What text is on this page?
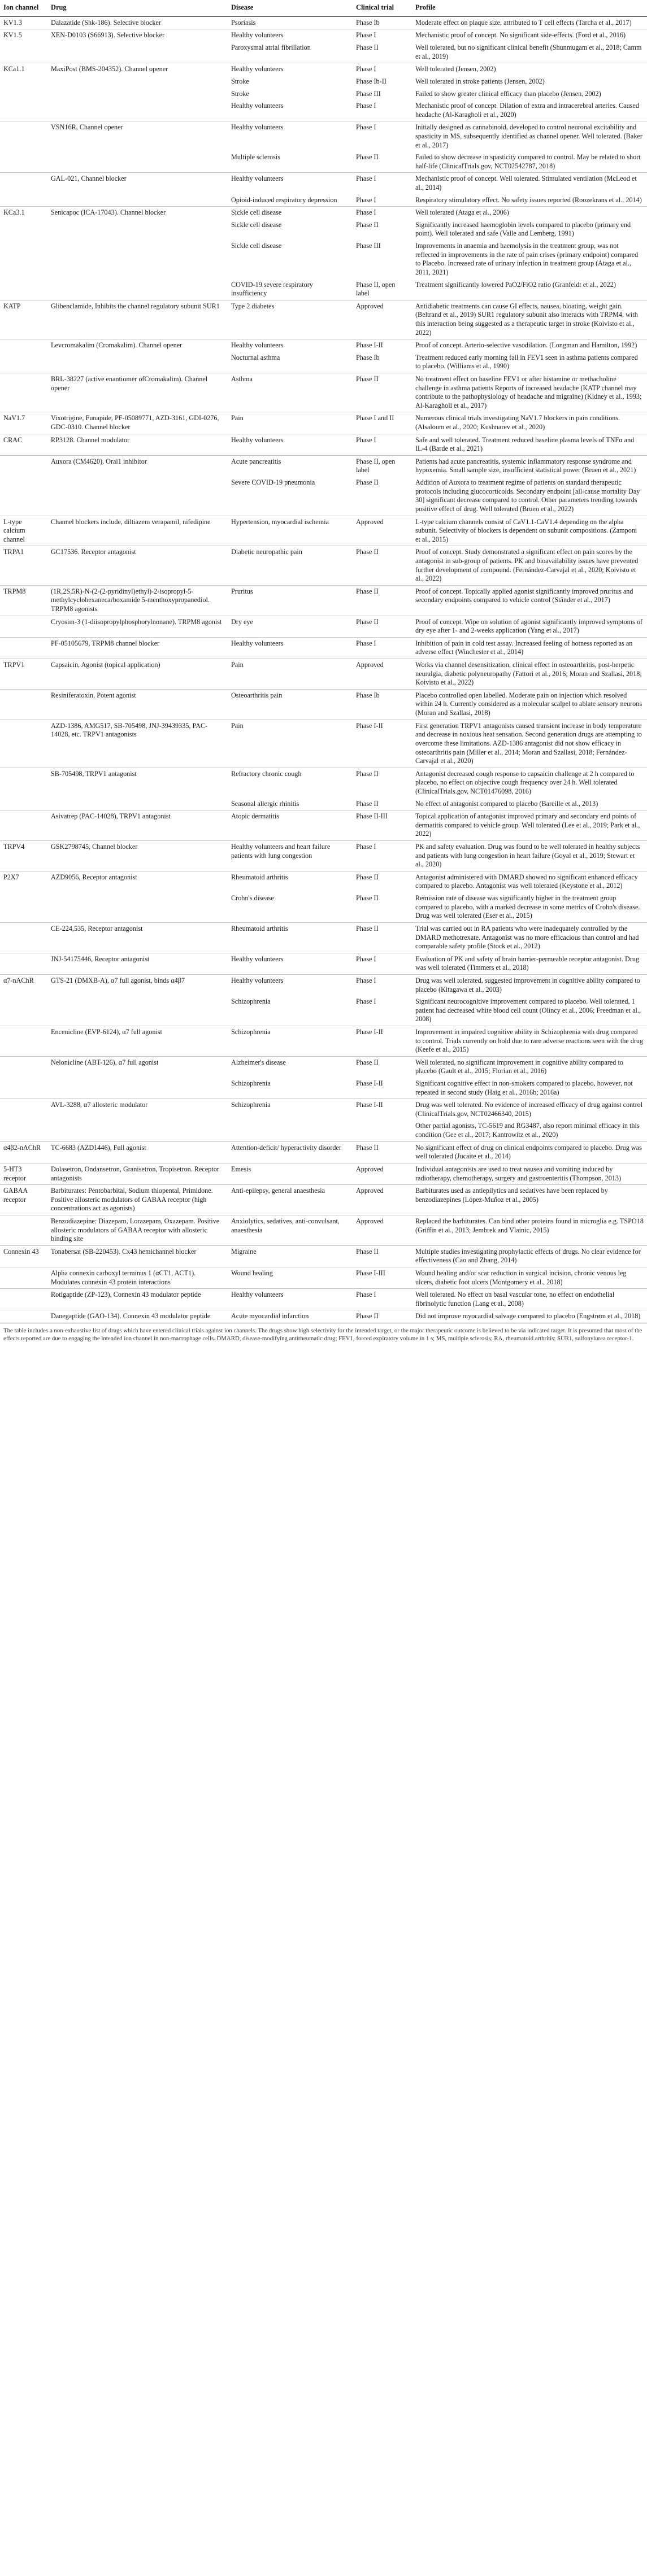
Ion channel	Drug	Disease	Clinical trial	Profile
KV1.3	Dalazatide (Shk-186). Selective blocker	Psoriasis	Phase Ib	Moderate effect on plaque size, attributed to T cell effects (Tarcha et al., 2017)
KV1.5	XEN-D0103 (S66913). Selective blocker	Healthy volunteers	Phase I	Mechanistic proof of concept. No significant side-effects. (Ford et al., 2016)
		Paroxysmal atrial fibrillation	Phase II	Well tolerated, but no significant clinical benefit (Shunmugam et al., 2018; Camm et al., 2019)
KCa1.1	MaxiPost (BMS-204352). Channel opener	Healthy volunteers	Phase I	Well tolerated (Jensen, 2002)
		Stroke	Phase Ib-II	Well tolerated in stroke patients (Jensen, 2002)
		Stroke	Phase III	Failed to show greater clinical efficacy than placebo (Jensen, 2002)
		Healthy volunteers	Phase I	Mechanistic proof of concept. Dilation of extra and intracerebral arteries. Caused headache (Al-Karagholi et al., 2020)
	VSN16R, Channel opener	Healthy volunteers	Phase I	Initially designed as cannabinoid, developed to control neuronal excitability and spasticity in MS, subsequently identified as channel opener. Well tolerated. (Baker et al., 2017)
		Multiple sclerosis	Phase II	Failed to show decrease in spasticity compared to control. May be related to short half-life (ClinicalTrials.gov, NCT02542787, 2018)
	GAL-021, Channel blocker	Healthy volunteers	Phase I	Mechanistic proof of concept. Well tolerated. Stimulated ventilation (McLeod et al., 2014)
		Opioid-induced respiratory depression	Phase I	Respiratory stimulatory effect. No safety issues reported (Roozekrans et al., 2014)
KCa3.1	Senicapoc (ICA-17043). Channel blocker	Sickle cell disease	Phase I	Well tolerated (Ataga et al., 2006)
		Sickle cell disease	Phase II	Significantly increased haemoglobin levels compared to placebo (primary end point). Well tolerated and safe (Valle and Lemberg, 1991)
		Sickle cell disease	Phase III	Improvements in anaemia and haemolysis in the treatment group, was not reflected in improvements in the rate of pain crises (primary endpoint) compared to Placebo. Increased rate of urinary infection in treatment group (Ataga et al., 2011, 2021)
		COVID-19 severe respiratory insufficiency	Phase II, open label	Treatment significantly lowered PaO2/FiO2 ratio (Granfeldt et al., 2022)
KATP	Glibenclamide, Inhibits the channel regulatory subunit SUR1	Type 2 diabetes	Approved	Antidiabetic treatments can cause GI effects, nausea, bloating, weight gain. (Beltrand et al., 2019) SUR1 regulatory subunit also interacts with TRPM4, with this interaction being suggested as a therapeutic target in stroke (Koivisto et al., 2022)
	Levcromakalim (Cromakalim). Channel opener	Healthy volunteers	Phase I-II	Proof of concept. Arterio-selective vasodilation. (Longman and Hamilton, 1992)
		Nocturnal asthma	Phase Ib	Treatment reduced early morning fall in FEV1 seen in asthma patients compared to placebo. (Williams et al., 1990)
	BRL-38227 (active enantiomer ofCromakalim). Channel opener	Asthma	Phase II	No treatment effect on baseline FEV1 or after histamine or methacholine challenge in asthma patients Reports of increased headache (KATP channel may contribute to the pathophysiology of headache and migraine) (Kidney et al., 1993; Al-Karagholi et al., 2017)
NaV1.7	Vixotrigine, Funapide, PF-05089771, AZD-3161, GDI-0276, GDC-0310. Channel blocker	Pain	Phase I and II	Numerous clinical trials investigating NaV1.7 blockers in pain conditions. (Alsaloum et al., 2020; Kushnarev et al., 2020)
CRAC	RP3128. Channel modulator	Healthy volunteers	Phase I	Safe and well tolerated. Treatment reduced baseline plasma levels of TNFα and IL-4 (Barde et al., 2021)
	Auxora (CM4620), Orai1 inhibitor	Acute pancreatitis	Phase II, open label	Patients had acute pancreatitis, systemic inflammatory response syndrome and hypoxemia. Small sample size, insufficient statistical power (Bruen et al., 2021)
		Severe COVID-19 pneumonia	Phase II	Addition of Auxora to treatment regime of patients on standard therapeutic protocols including glucocorticoids. Secondary endpoint [all-cause mortality Day 30] significant decrease compared to control. Other parameters trending towards positive effect of drug. Well tolerated (Bruen et al., 2022)
L-type calcium channel	Channel blockers include, diltiazem verapamil, nifedipine	Hypertension, myocardial ischemia	Approved	L-type calcium channels consist of CaV1.1-CaV1.4 depending on the alpha subunit. Selectivity of blockers is dependent on subunit compositions. (Zamponi et al., 2015)
TRPA1	GC17536. Receptor antagonist	Diabetic neuropathic pain	Phase II	Proof of concept. Study demonstrated a significant effect on pain scores by the antagonist in sub-group of patients. PK and bioavailability issues have prevented further development of compound. (Fernández-Carvajal et al., 2020; Koivisto et al., 2022)
TRPM8	(1R,2S,5R)-N-(2-(2-pyridinyl)ethyl)-2-isopropyl-5-methylcyclohexanecarboxamide 5-menthoxypropanediol. TRPM8 agonists	Pruritus	Phase II	Proof of concept. Topically applied agonist significantly improved pruritus and secondary endpoints compared to vehicle control (Ständer et al., 2017)
	Cryosim-3 (1-diisopropylphosphorylnonane). TRPM8 agonist	Dry eye	Phase II	Proof of concept. Wipe on solution of agonist significantly improved symptoms of dry eye after 1- and 2-weeks application (Yang et al., 2017)
	PF-05105679, TRPM8 channel blocker	Healthy volunteers	Phase I	Inhibition of pain in cold test assay. Increased feeling of hotness reported as an adverse effect (Winchester et al., 2014)
TRPV1	Capsaicin, Agonist (topical application)	Pain	Approved	Works via channel desensitization, clinical effect in osteoarthritis, post-herpetic neuralgia, diabetic polyneuropathy (Fattori et al., 2016; Moran and Szallasi, 2018; Koivisto et al., 2022)
	Resiniferatoxin, Potent agonist	Osteoarthritis pain	Phase Ib	Placebo controlled open labelled. Moderate pain on injection which resolved within 24 h. Currently considered as a molecular scalpel to ablate sensory neurons (Moran and Szallasi, 2018)
	AZD-1386, AMG517, SB-705498, JNJ-39439335, PAC-14028, etc. TRPV1 antagonists	Pain	Phase I-II	First generation TRPV1 antagonists caused transient increase in body temperature and decrease in noxious heat sensation. Second generation drugs are attempting to overcome these limitations. AZD-1386 antagonist did not show efficacy in osteoarthritis pain (Miller et al., 2014; Moran and Szallasi, 2018; Fernández-Carvajal et al., 2020)
	SB-705498, TRPV1 antagonist	Refractory chronic cough	Phase II	Antagonist decreased cough response to capsaicin challenge at 2 h compared to placebo, no effect on objective cough frequency over 24 h. Well tolerated (ClinicalTrials.gov, NCT01476098, 2016)
		Seasonal allergic rhinitis	Phase II	No effect of antagonist compared to placebo (Bareille et al., 2013)
	Asivatrep (PAC-14028), TRPV1 antagonist	Atopic dermatitis	Phase II-III	Topical application of antagonist improved primary and secondary end points of dermatitis compared to vehicle group. Well tolerated (Lee et al., 2019; Park et al., 2022)
TRPV4	GSK2798745, Channel blocker	Healthy volunteers and heart failure patients with lung congestion	Phase I	PK and safety evaluation. Drug was found to be well tolerated in healthy subjects and patients with lung congestion in heart failure (Goyal et al., 2019; Stewart et al., 2020)
P2X7	AZD9056, Receptor antagonist	Rheumatoid arthritis	Phase II	Antagonist administered with DMARD showed no significant enhanced efficacy compared to placebo. Antagonist was well tolerated (Keystone et al., 2012)
		Crohn's disease	Phase II	Remission rate of disease was significantly higher in the treatment group compared to placebo, with a marked decrease in some metrics of Crohn's disease. Drug was well tolerated (Eser et al., 2015)
	CE-224,535, Receptor antagonist	Rheumatoid arthritis	Phase II	Trial was carried out in RA patients who were inadequately controlled by the DMARD methotrexate. Antagonist was no more efficacious than control and had comparable safety profile (Stock et al., 2012)
	JNJ-54175446, Receptor antagonist	Healthy volunteers	Phase I	Evaluation of PK and safety of brain barrier-permeable receptor antagonist. Drug was well tolerated (Timmers et al., 2018)
α7-nAChR	GTS-21 (DMXB-A), α7 full agonist, binds α4β7	Healthy volunteers	Phase I	Drug was well tolerated, suggested improvement in cognitive ability compared to placebo (Kitagawa et al., 2003)
		Schizophrenia	Phase I	Significant neurocognitive improvement compared to placebo. Well tolerated, 1 patient had decreased white blood cell count (Olincy et al., 2006; Freedman et al., 2008)
	Encenicline (EVP-6124), α7 full agonist	Schizophrenia	Phase I-II	Improvement in impaired cognitive ability in Schizophrenia with drug compared to control. Trials currently on hold due to rare adverse reactions seen with the drug (Keefe et al., 2015)
	Nelonicline (ABT-126), α7 full agonist	Alzheimer's disease	Phase II	Well tolerated, no significant improvement in cognitive ability compared to placebo (Gault et al., 2015; Florian et al., 2016)
		Schizophrenia	Phase I-II	Significant cognitive effect in non-smokers compared to placebo, however, not repeated in second study (Haig et al., 2016b; 2016a)
	AVL-3288, α7 allosteric modulator	Schizophrenia	Phase I-II	Drug was well tolerated. No evidence of increased efficacy of drug against control (ClinicalTrials.gov, NCT02466340, 2015)
				Other partial agonists, TC-5619 and RG3487, also report minimal efficacy in this condition (Gee et al., 2017; Kantrowitz et al., 2020)
α4β2-nAChR	TC-6683 (AZD1446), Full agonist	Attention-deficit/ hyperactivity disorder	Phase II	No significant effect of drug on clinical endpoints compared to placebo. Drug was well tolerated (Jucaite et al., 2014)
5-HT3 receptor	Dolasetron, Ondansetron, Granisetron, Tropisetron. Receptor antagonists	Emesis	Approved	Individual antagonists are used to treat nausea and vomiting induced by radiotherapy, chemotherapy, surgery and gastroenteritis (Thompson, 2013)
GABAA receptor	Barbiturates: Pentobarbital, Sodium thiopental, Primidone. Positive allosteric modulators of GABAA receptor (high concentrations act as agonists)	Anti-epilepsy, general anaesthesia	Approved	Barbiturates used as antiepilytics and sedatives have been replaced by benzodiazepines (López-Muñoz et al., 2005)
	Benzodiazepine: Diazepam, Lorazepam, Oxazepam. Positive allosteric modulators of GABAA receptor with allosteric binding site	Anxiolytics, sedatives, anti-convulsant, anaesthesia	Approved	Replaced the barbiturates. Can bind other proteins found in microglia e.g. TSPO18 (Griffin et al., 2013; Jembrek and Vlainic, 2015)
Connexin 43	Tonabersat (SB-220453). Cx43 hemichannel blocker	Migraine	Phase II	Multiple studies investigating prophylactic effects of drugs. No clear evidence for effectiveness (Cao and Zhang, 2014)
	Alpha connexin carboxyl terminus 1 (αCT1, ACT1). Modulates connexin 43 protein interactions	Wound healing	Phase I-III	Wound healing and/or scar reduction in surgical incision, chronic venous leg ulcers, diabetic foot ulcers (Montgomery et al., 2018)
	Rotigaptide (ZP-123), Connexin 43 modulator peptide	Healthy volunteers	Phase I	Well tolerated. No effect on basal vascular tone, no effect on endothelial fibrinolytic function (Lang et al., 2008)
	Danegaptide (GAO-134). Connexin 43 modulator peptide	Acute myocardial infarction	Phase II	Did not improve myocardial salvage compared to placebo (Engstrøm et al., 2018)
The table includes a non-exhaustive list of drugs which have entered clinical trials against ion channels. The drugs show high selectivity for the intended target, or the major therapeutic outcome is believed to be via indicated target. It is presumed that most of the effects reported are due to engaging the intended ion channel in non-macrophage cells. DMARD, disease-modifying antirheumatic drug; FEV1, forced expiratory volume in 1 s; MS, multiple sclerosis; RA, rheumatoid arthritis; SUR1, sulfonylurea receptor-1.
